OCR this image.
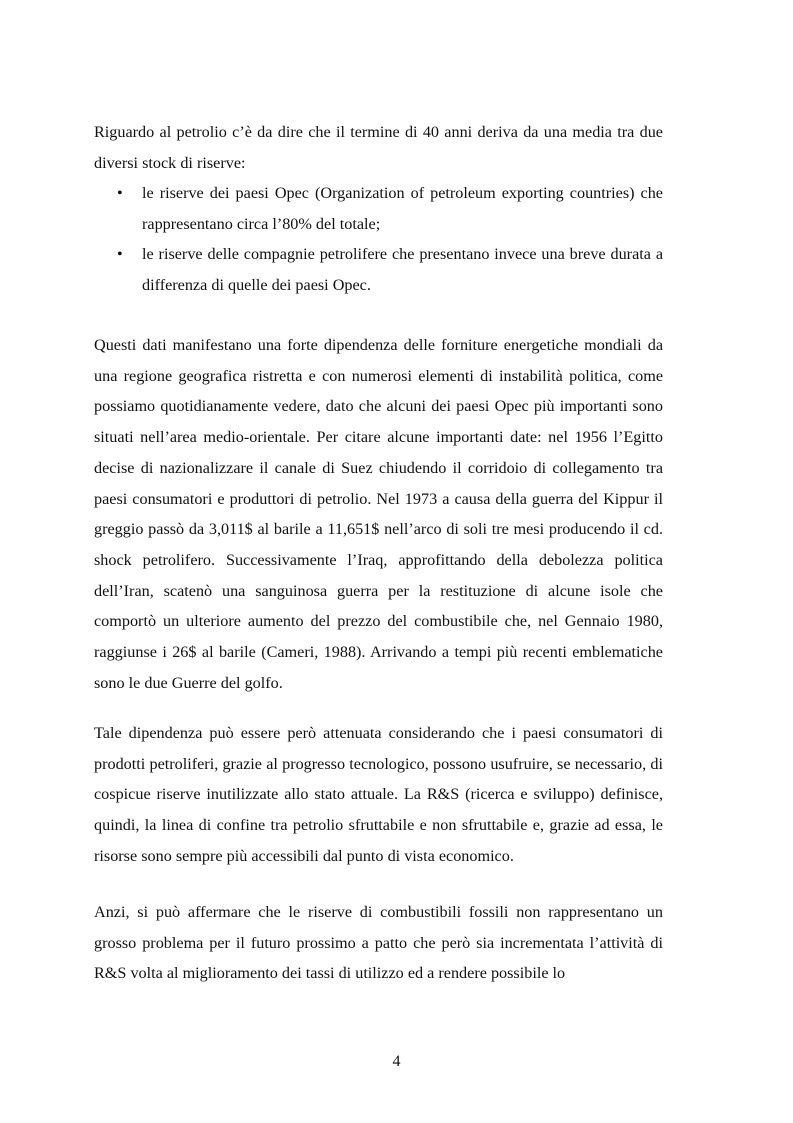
Riguardo al petrolio c’è da dire che il termine di 40 anni deriva da una media tra due diversi stock di riserve:

• le riserve dei paesi Opec (Organization of petroleum exporting countries) che rappresentano circa l’80% del totale;
• le riserve delle compagnie petrolifere che presentano invece una breve durata a differenza di quelle dei paesi Opec.

Questi dati manifestano una forte dipendenza delle forniture energetiche mondiali da una regione geografica ristretta e con numerosi elementi di instabilità politica, come possiamo quotidianamente vedere, dato che alcuni dei paesi Opec più importanti sono situati nell’area medio-orientale. Per citare alcune importanti date: nel 1956 l’Egitto decise di nazionalizzare il canale di Suez chiudendo il corridoio di collegamento tra paesi consumatori e produttori di petrolio. Nel 1973 a causa della guerra del Kippur il greggio passò da 3,011$ al barile a 11,651$ nell’arco di soli tre mesi producendo il cd. shock petrolifero. Successivamente l’Iraq, approfittando della debolezza politica dell’Iran, scatenò una sanguinosa guerra per la restituzione di alcune isole che comportò un ulteriore aumento del prezzo del combustibile che, nel Gennaio 1980, raggiunse i 26$ al barile (Cameri, 1988). Arrivando a tempi più recenti emblematiche sono le due Guerre del golfo.

Tale dipendenza può essere però attenuata considerando che i paesi consumatori di prodotti petroliferi, grazie al progresso tecnologico, possono usufruire, se necessario, di cospicue riserve inutilizzate allo stato attuale. La R&S (ricerca e sviluppo) definisce, quindi, la linea di confine tra petrolio sfruttabile e non sfruttabile e, grazie ad essa, le risorse sono sempre più accessibili dal punto di vista economico.

Anzi, si può affermare che le riserve di combustibili fossili non rappresentano un grosso problema per il futuro prossimo a patto che però sia incrementata l’attività di R&S volta al miglioramento dei tassi di utilizzo ed a rendere possibile lo

4
